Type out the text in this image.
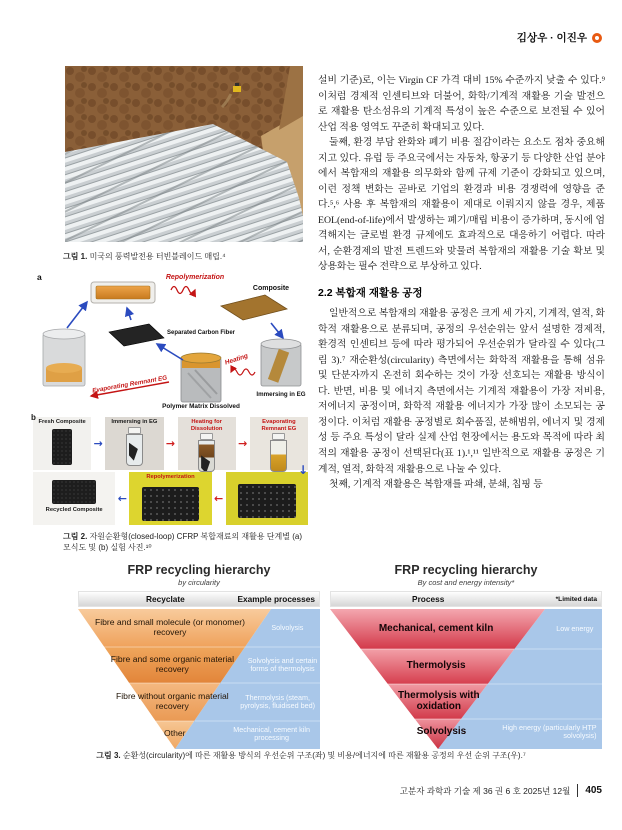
김상우 · 이진우
그림 1. 미국의 풍력발전용 터빈블레이드 매립.⁴
a	Repolymerization
Composite
Immersing in EG
Heating
Polymer Matrix Dissolved
Separated Carbon Fiber
Evaporating Remnant EG
b Fresh Composite
→
Immersing in EG
→
Heating for Dissolution
→
Evaporating Remnant EG
↓
Recycled Composite
←
Repolymerization
←
그림 2. 자원순환형(closed-loop) CFRP 복합재료의 재활용 단계별 (a) 모식도 및 (b) 실험 사진.¹⁰

설비 기준)로, 이는 Virgin CF 가격 대비 15% 수준까지 낮출 수 있다.⁹ 이처럼 경제적 인센티브와 더불어, 화학/기계적 재활용 기술 발전으로 재활용 탄소섬유의 기계적 특성이 높은 수준으로 보전될 수 있어 산업 적용 영역도 꾸준히 확대되고 있다.

둘째, 환경 부담 완화와 폐기 비용 절감이라는 요소도 점차 중요해지고 있다. 유럽 등 주요국에서는 자동차, 항공기 등 다양한 산업 분야에서 복합재의 재활용 의무화와 함께 규제 기준이 강화되고 있으며, 이런 정책 변화는 곧바로 기업의 환경과 비용 경쟁력에 영향을 준다.⁵,⁶ 사용 후 복합재의 재활용이 제대로 이뤄지지 않을 경우, 제품 EOL(end-of-life)에서 발생하는 폐기/매립 비용이 증가하며, 동시에 엄격해지는 글로벌 환경 규제에도 효과적으로 대응하기 어렵다. 따라서, 순환경제의 발전 트렌드와 맞물려 복합재의 재활용 기술 확보 및 상용화는 필수 전략으로 부상하고 있다.

2.2 복합재 재활용 공정

일반적으로 복합재의 재활용 공정은 크게 세 가지, 기계적, 열적, 화학적 재활용으로 분류되며, 공정의 우선순위는 앞서 설명한 경제적, 환경적 인센티브 등에 따라 평가되어 우선순위가 달라질 수 있다(그림 3).⁷ 재순환성(circularity) 측면에서는 화학적 재활용을 통해 섬유 및 단분자까지 온전히 회수하는 것이 가장 선호되는 재활용 방식이다. 반면, 비용 및 에너지 측면에서는 기계적 재활용이 가장 저비용, 저에너지 공정이며, 화학적 재활용 에너지가 가장 많이 소모되는 공정이다. 이처럼 재활용 공정별로 회수품질, 분해범위, 에너지 및 경제성 등 주요 특성이 달라 실제 산업 현장에서는 용도와 목적에 따라 최적의 재활용 공정이 선택된다(표 1).¹,¹¹ 일반적으로 재활용 공정은 기계적, 열적, 화학적 재활용으로 나눌 수 있다.

첫째, 기계적 재활용은 복합재를 파쇄, 분쇄, 칩핑 등

FRP recycling hierarchy
by circularity
Recyclate	Example processes
Fibre and small molecule (or monomer) recovery
Fibre and some organic material recovery
Fibre without organic material recovery
Other
Solvolysis
Solvolysis and certain forms of thermolysis
Thermolysis (steam, pyrolysis, fluidised bed)
Mechanical, cement kiln processing
FRP recycling hierarchy
By cost and energy intensity*
Process	*Limited data
Mechanical, cement kiln
Thermolysis
Thermolysis with oxidation
Solvolysis
Low energy
High energy (particularly HTP solvolysis)
그림 3. 순환성(circularity)에 따른 재활용 방식의 우선순위 구조(좌) 및 비용/에너지에 따른 재활용 공정의 우선 순위 구조(우).⁷
고분자 과학과 기술 제 36 권 6 호 2025년 12월 405
